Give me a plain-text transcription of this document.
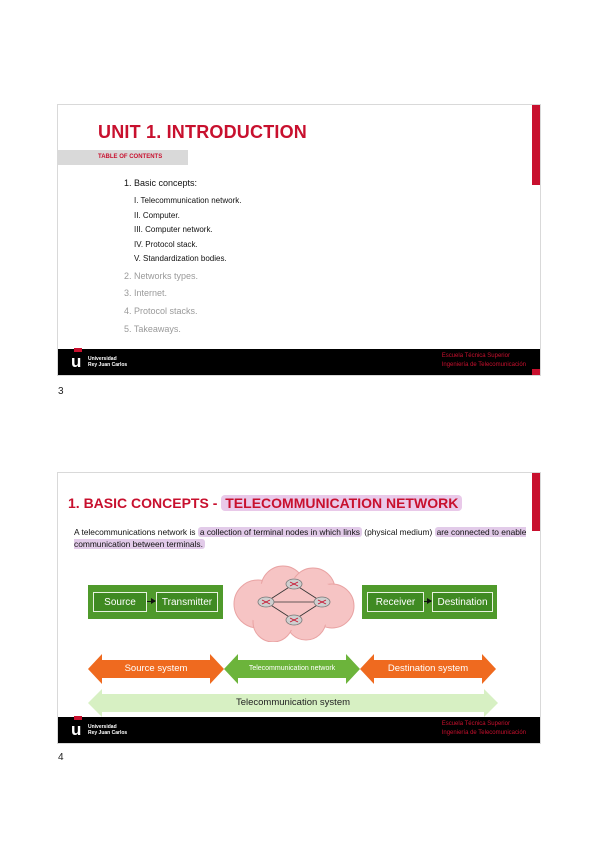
UNIT 1. INTRODUCTION
TABLE OF CONTENTS
1. Basic concepts:
I. Telecommunication network.
II. Computer.
III. Computer network.
IV. Protocol stack.
V. Standardization bodies.
2. Networks types.
3. Internet.
4. Protocol stacks.
5. Takeaways.
u Universidad
Rey Juan Carlos
Escuela Técnica Superior
Ingeniería de Telecomunicación
3
1. BASIC CONCEPTS - TELECOMMUNICATION NETWORK
A telecommunications network is a collection of terminal nodes in which links (physical medium) are connected to enable communication between terminals.
Source	Transmitter	Receiver	Destination
Source system	Telecommunication network	Destination system
Telecommunication system
u Universidad
Rey Juan Carlos
Escuela Técnica Superior
Ingeniería de Telecomunicación
4
